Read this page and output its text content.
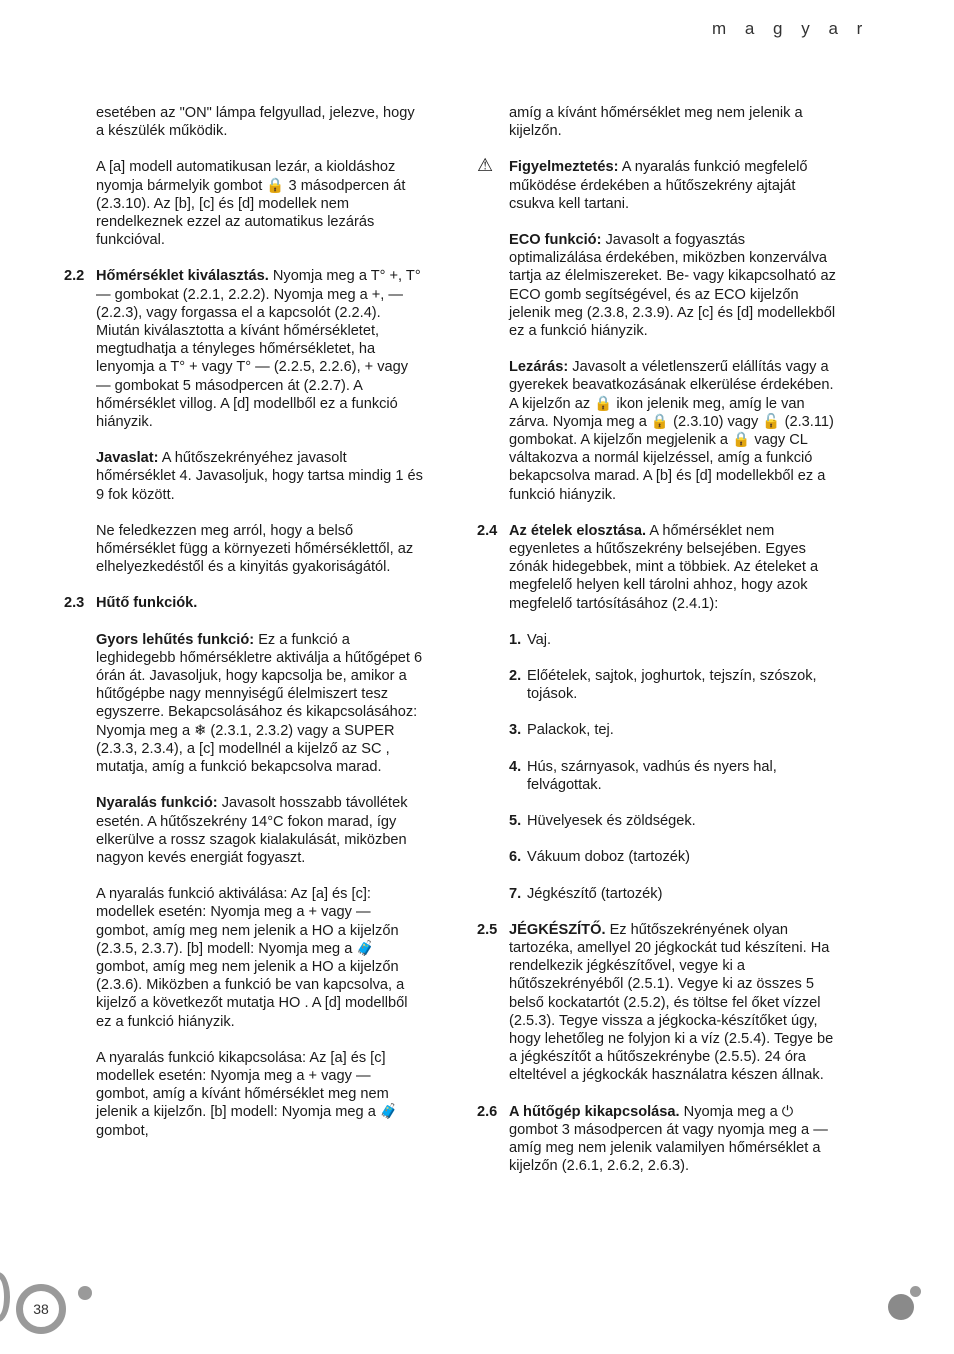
m a g y a r
esetében az "ON" lámpa felgyullad, jelezve, hogy a készülék működik.
A [a] modell automatikusan lezár, a kioldáshoz nyomja bármelyik gombot 🔒 3 másodpercen át (2.3.10). Az [b], [c] és [d] modellek nem rendelkeznek ezzel az automatikus lezárás funkcióval.
2.2 Hőmérséklet kiválasztás. Nyomja meg a T° +, T° — gombokat (2.2.1, 2.2.2). Nyomja meg a +, — (2.2.3), vagy forgassa el a kapcsolót (2.2.4). Miután kiválasztotta a kívánt hőmérsékletet, megtudhatja a tényleges hőmérsékletet, ha lenyomja a T° + vagy T° — (2.2.5, 2.2.6), + vagy — gombokat 5 másodpercen át (2.2.7). A hőmérséklet villog. A [d] modellből ez a funkció hiányzik.
Javaslat: A hűtőszekrényéhez javasolt hőmérséklet 4. Javasoljuk, hogy tartsa mindig 1 és 9 fok között.
Ne feledkezzen meg arról, hogy a belső hőmérséklet függ a környezeti hőmérséklettől, az elhelyezkedéstől és a kinyitás gyakoriságától.
2.3 Hűtő funkciók.
Gyors lehűtés funkció: Ez a funkció a leghidegebb hőmérsékletre aktiválja a hűtőgépet 6 órán át. Javasoljuk, hogy kapcsolja be, amikor a hűtőgépbe nagy mennyiségű élelmiszert tesz egyszerre. Bekapcsolásához és kikapcsolásához: Nyomja meg a ❄ (2.3.1, 2.3.2) vagy a SUPER (2.3.3, 2.3.4), a [c] modellnél a kijelző az SC , mutatja, amíg a funkció bekapcsolva marad.
Nyaralás funkció: Javasolt hosszabb távollétek esetén. A hűtőszekrény 14°C fokon marad, így elkerülve a rossz szagok kialakulását, miközben nagyon kevés energiát fogyaszt.
A nyaralás funkció aktiválása: Az [a] és [c]: modellek esetén: Nyomja meg a + vagy — gombot, amíg meg nem jelenik a HO a kijelzőn (2.3.5, 2.3.7). [b] modell: Nyomja meg a 🧳 gombot, amíg meg nem jelenik a HO a kijelzőn (2.3.6). Miközben a funkció be van kapcsolva, a kijelző a következőt mutatja HO . A [d] modellből ez a funkció hiányzik.
A nyaralás funkció kikapcsolása: Az [a] és [c] modellek esetén: Nyomja meg a + vagy — gombot, amíg a kívánt hőmérséklet meg nem jelenik a kijelzőn. [b] modell: Nyomja meg a 🧳 gombot,
amíg a kívánt hőmérséklet meg nem jelenik a kijelzőn.
⚠ Figyelmeztetés: A nyaralás funkció megfelelő működése érdekében a hűtőszekrény ajtaját csukva kell tartani.
ECO funkció: Javasolt a fogyasztás optimalizálása érdekében, miközben konzerválva tartja az élelmiszereket. Be- vagy kikapcsolható az ECO gomb segítségével, és az ECO kijelzőn jelenik meg (2.3.8, 2.3.9). Az [c] és [d] modellekből ez a funkció hiányzik.
Lezárás: Javasolt a véletlenszerű elállítás vagy a gyerekek beavatkozásának elkerülése érdekében. A kijelzőn az 🔒 ikon jelenik meg, amíg le van zárva. Nyomja meg a 🔒 (2.3.10) vagy 🔓 (2.3.11) gombokat. A kijelzőn megjelenik a 🔒 vagy CL váltakozva a normál kijelzéssel, amíg a funkció bekapcsolva marad. A [b] és [d] modellekből ez a funkció hiányzik.
2.4 Az ételek elosztása. A hőmérséklet nem egyenletes a hűtőszekrény belsejében. Egyes zónák hidegebbek, mint a többiek. Az ételeket a megfelelő helyen kell tárolni ahhoz, hogy azok megfelelő tartósításához (2.4.1):
1. Vaj.
2. Előételek, sajtok, joghurtok, tejszín, szószok, tojások.
3. Palackok, tej.
4. Hús, szárnyasok, vadhús és nyers hal, felvágottak.
5. Hüvelyesek és zöldségek.
6. Vákuum doboz (tartozék)
7. Jégkészítő (tartozék)
2.5 JÉGKÉSZÍTŐ. Ez hűtőszekrényének olyan tartozéka, amellyel 20 jégkockát tud készíteni. Ha rendelkezik jégkészítővel, vegye ki a hűtőszekrényéből (2.5.1). Vegye ki az összes 5 belső kockatartót (2.5.2), és töltse fel őket vízzel (2.5.3). Tegye vissza a jégkocka-készítőket úgy, hogy lehetőleg ne folyjon ki a víz (2.5.4). Tegye be a jégkészítőt a hűtőszekrénybe (2.5.5). 24 óra elteltével a jégkockák használatra készen állnak.
2.6 A hűtőgép kikapcsolása. Nyomja meg a ⏻ gombot 3 másodpercen át vagy nyomja meg a — amíg meg nem jelenik valamilyen hőmérséklet a kijelzőn (2.6.1, 2.6.2, 2.6.3).
38
